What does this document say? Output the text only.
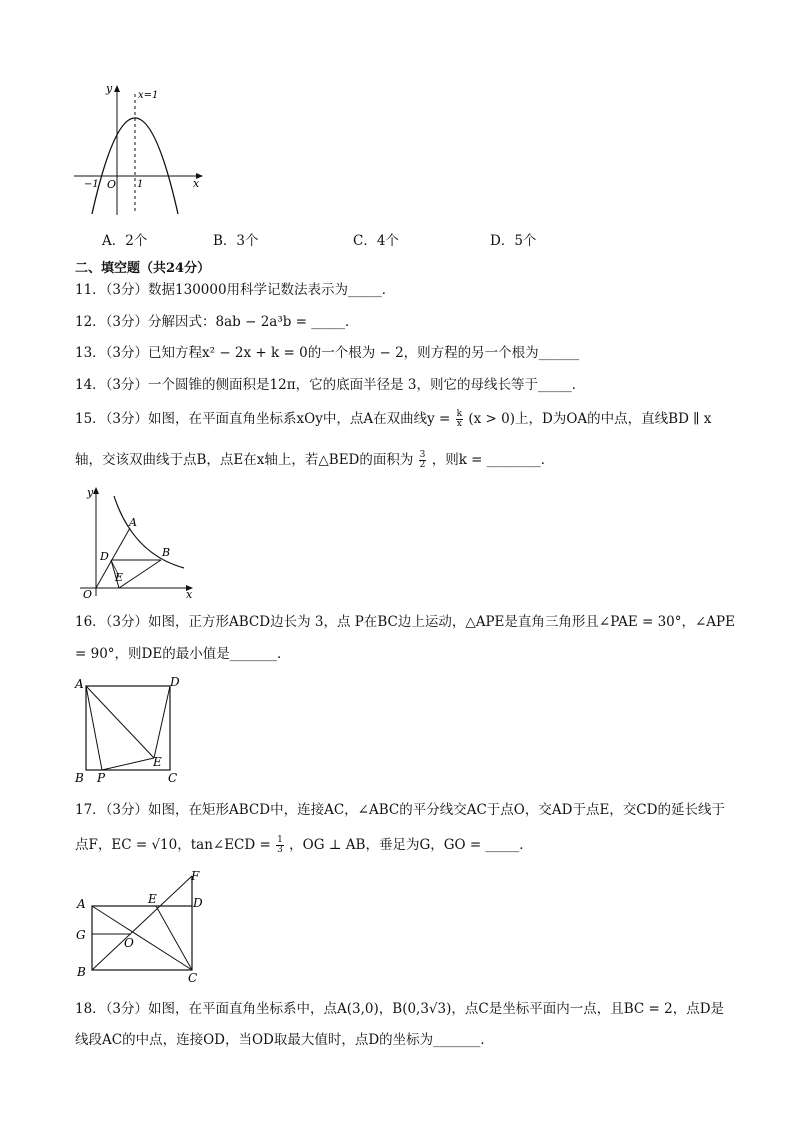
y
x=1
x
−1 O 1
A．2个	B．3个	C．4个	D．5个
二、填空题（共24分）
11．（3分）数据130000用科学记数法表示为_____．
12．（3分）分解因式：8ab − 2a³b = _____．
13．（3分）已知方程x² − 2x + k = 0的一个根为 − 2，则方程的另一个根为______
14．（3分）一个圆锥的侧面积是12π，它的底面半径是 3，则它的母线长等于_____．
15．（3分）如图，在平面直角坐标系xOy中，点A在双曲线$y = \frac{k}{x} (x > 0)$上，D为OA的中点，直线BD ∥ x
轴，交该双曲线于点B，点E在x轴上，若△BED的面积为 $\frac{3}{2}$ ，则k = ________．
y
x
O
A
B
D
E
16．（3分）如图，正方形ABCD边长为 3，点 P在BC边上运动，△APE是直角三角形且∠PAE = 30°，∠APE
= 90°，则DE的最小值是_______．
A	D
B P
E
C
17．（3分）如图，在矩形ABCD中，连接AC，∠ABC的平分线交AC于点O，交AD于点E，交CD的延长线于
点F，EC = √10，tan∠ECD = $\frac{1}{3}$ ，OG ⊥ AB，垂足为G，GO = _____．
A
G
B
E
F
D
O
C
18．（3分）如图，在平面直角坐标系中，点A(3,0)，B(0,3√3)，点C是坐标平面内一点，且BC = 2，点D是
线段AC的中点，连接OD，当OD取最大值时，点D的坐标为_______．
